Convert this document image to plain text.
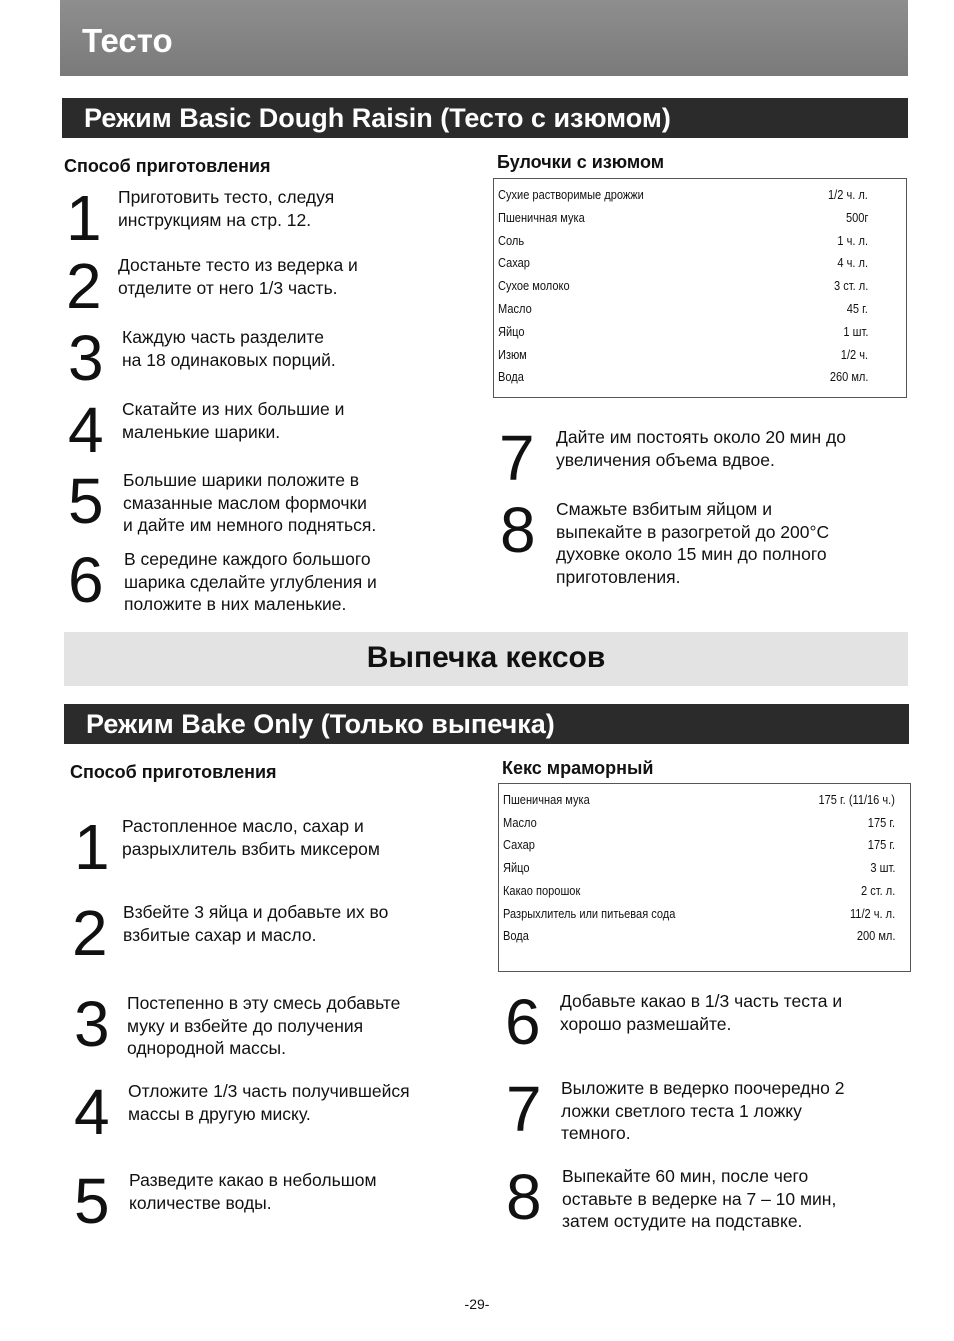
Тесто
Режим Basic Dough Raisin (Тесто с изюмом)
Способ приготовления	Булочки с изюмом
Сухие растворимые дрожжи	1/2 ч. л.
Пшеничная мука	500г
Соль	1 ч. л.
Сахар	4 ч. л.
Сухое молоко	3 ст. л.
Масло	45 г.
Яйцо	1 шт.
Изюм	1/2 ч.
Вода	260 мл.
1 Приготовить тесто, следуя
инструкциям на стр. 12.
2 Достаньте тесто из ведерка и
отделите от него 1/3 часть.
3 Каждую часть разделите
на 18 одинаковых порций.
4 Скатайте из них большие и
маленькие шарики.
5 Большие шарики положите в
смазанные маслом формочки
и дайте им немного подняться.
6 В середине каждого большого
шарика сделайте углубления и
положите в них маленькие.
7 Дайте им постоять около 20 мин до
увеличения объема вдвое.
8 Смажьте взбитым яйцом и
выпекайте в разогретой до 200°С
духовке около 15 мин до полного
приготовления.
Выпечка кексов
Режим Bake Only (Только выпечка)
Способ приготовления	Кекс мраморный
Пшеничная мука	175 г. (11/16 ч.)
Масло	175 г.
Сахар	175 г.
Яйцо	3 шт.
Какао порошок	2 ст. л.
Разрыхлитель или питьевая сода	11/2 ч. л.
Вода	200 мл.
1 Растопленное масло, сахар и
разрыхлитель взбить миксером
2 Взбейте 3 яйца и добавьте их во
взбитые сахар и масло.
3 Постепенно в эту смесь добавьте
муку и взбейте до получения
однородной массы.
4 Отложите 1/3 часть получившейся
массы в другую миску.
5 Разведите какао в небольшом
количестве воды.
6 Добавьте какао в 1/3 часть теста и
хорошо размешайте.
7 Выложите в ведерко поочередно 2
ложки светлого теста 1 ложку
темного.
8 Выпекайте 60 мин, после чего
оставьте в ведерке на 7 – 10 мин,
затем остудите на подставке.
-29-
